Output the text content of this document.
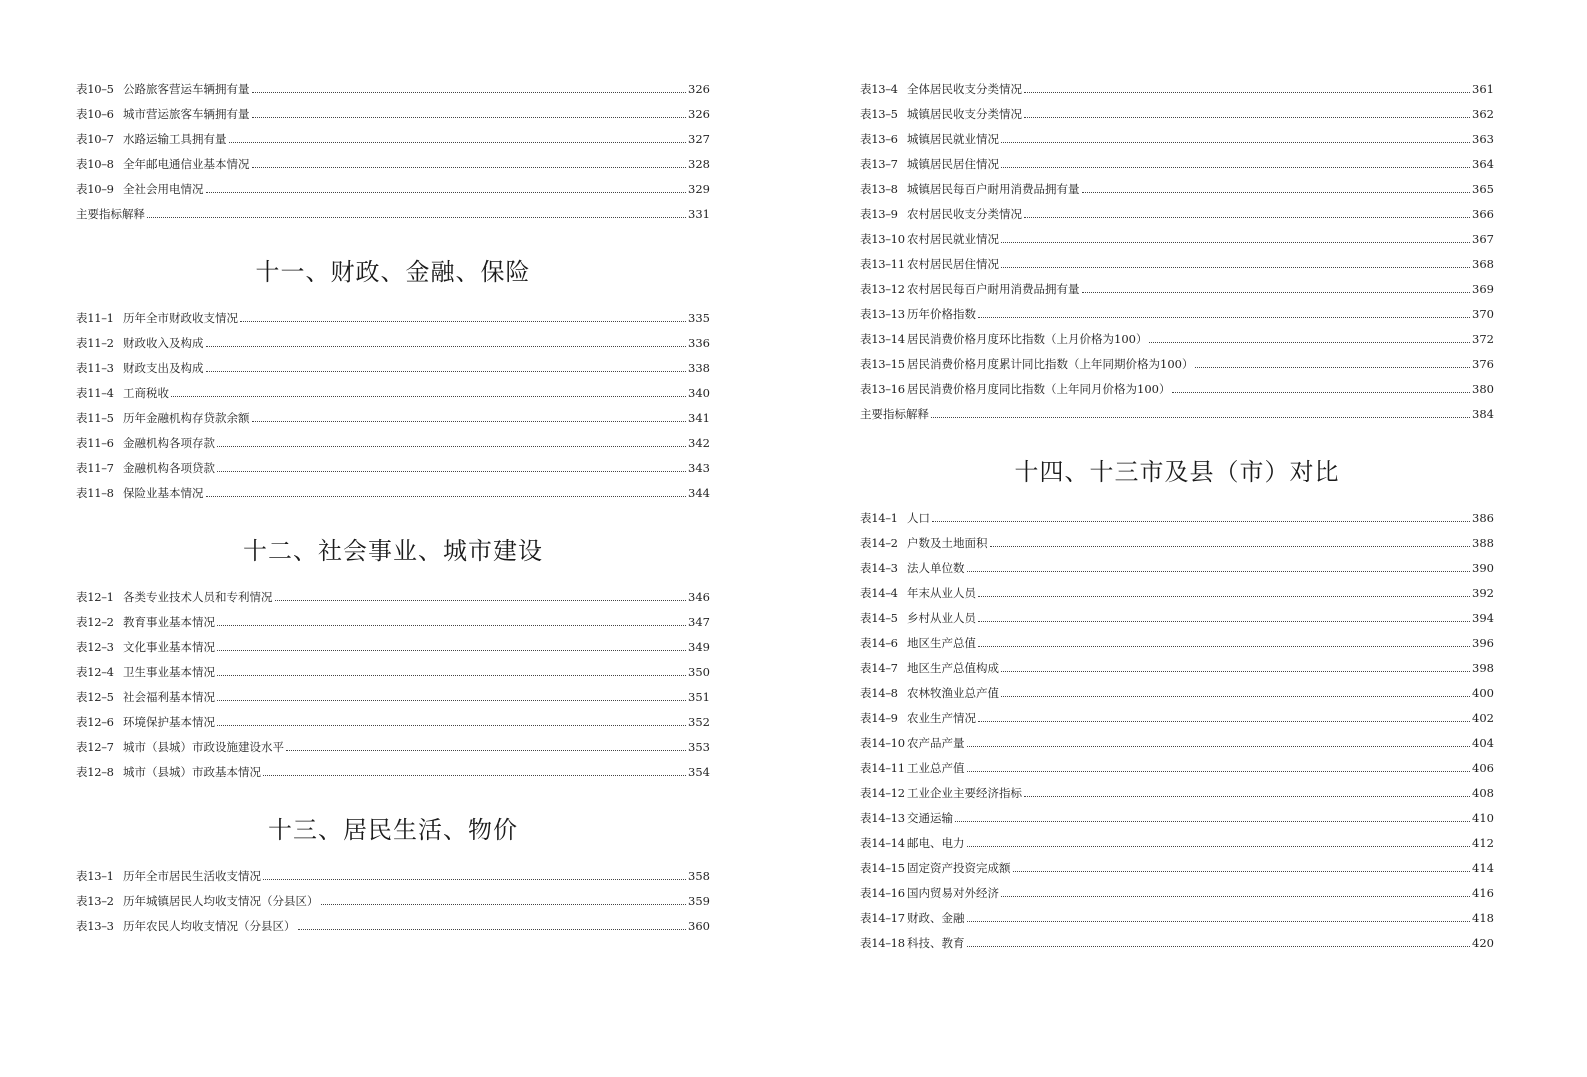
表10–5 公路旅客营运车辆拥有量	326
表10–6 城市营运旅客车辆拥有量	326
表10–7 水路运输工具拥有量	327
表10–8 全年邮电通信业基本情况	328
表10–9 全社会用电情况	329
主要指标解释	331
十一、财政、金融、保险
表11–1 历年全市财政收支情况	335
表11–2 财政收入及构成	336
表11–3 财政支出及构成	338
表11–4 工商税收	340
表11–5 历年金融机构存贷款余额	341
表11–6 金融机构各项存款	342
表11–7 金融机构各项贷款	343
表11–8 保险业基本情况	344
十二、社会事业、城市建设
表12–1 各类专业技术人员和专利情况	346
表12–2 教育事业基本情况	347
表12–3 文化事业基本情况	349
表12–4 卫生事业基本情况	350
表12–5 社会福利基本情况	351
表12–6 环境保护基本情况	352
表12–7 城市（县城）市政设施建设水平	353
表12–8 城市（县城）市政基本情况	354
十三、居民生活、物价
表13–1 历年全市居民生活收支情况	358
表13–2 历年城镇居民人均收支情况（分县区）	359
表13–3 历年农民人均收支情况（分县区）	360
表13–4 全体居民收支分类情况	361
表13–5 城镇居民收支分类情况	362
表13–6 城镇居民就业情况	363
表13–7 城镇居民居住情况	364
表13–8 城镇居民每百户耐用消费品拥有量	365
表13–9 农村居民收支分类情况	366
表13–10 农村居民就业情况	367
表13–11 农村居民居住情况	368
表13–12 农村居民每百户耐用消费品拥有量	369
表13–13 历年价格指数	370
表13–14 居民消费价格月度环比指数（上月价格为100）	372
表13–15 居民消费价格月度累计同比指数（上年同期价格为100）	376
表13–16 居民消费价格月度同比指数（上年同月价格为100）	380
主要指标解释	384
十四、十三市及县（市）对比
表14–1 人口	386
表14–2 户数及土地面积	388
表14–3 法人单位数	390
表14–4 年末从业人员	392
表14–5 乡村从业人员	394
表14–6 地区生产总值	396
表14–7 地区生产总值构成	398
表14–8 农林牧渔业总产值	400
表14–9 农业生产情况	402
表14–10 农产品产量	404
表14–11 工业总产值	406
表14–12 工业企业主要经济指标	408
表14–13 交通运输	410
表14–14 邮电、电力	412
表14–15 固定资产投资完成额	414
表14–16 国内贸易对外经济	416
表14–17 财政、金融	418
表14–18 科技、教育	420
